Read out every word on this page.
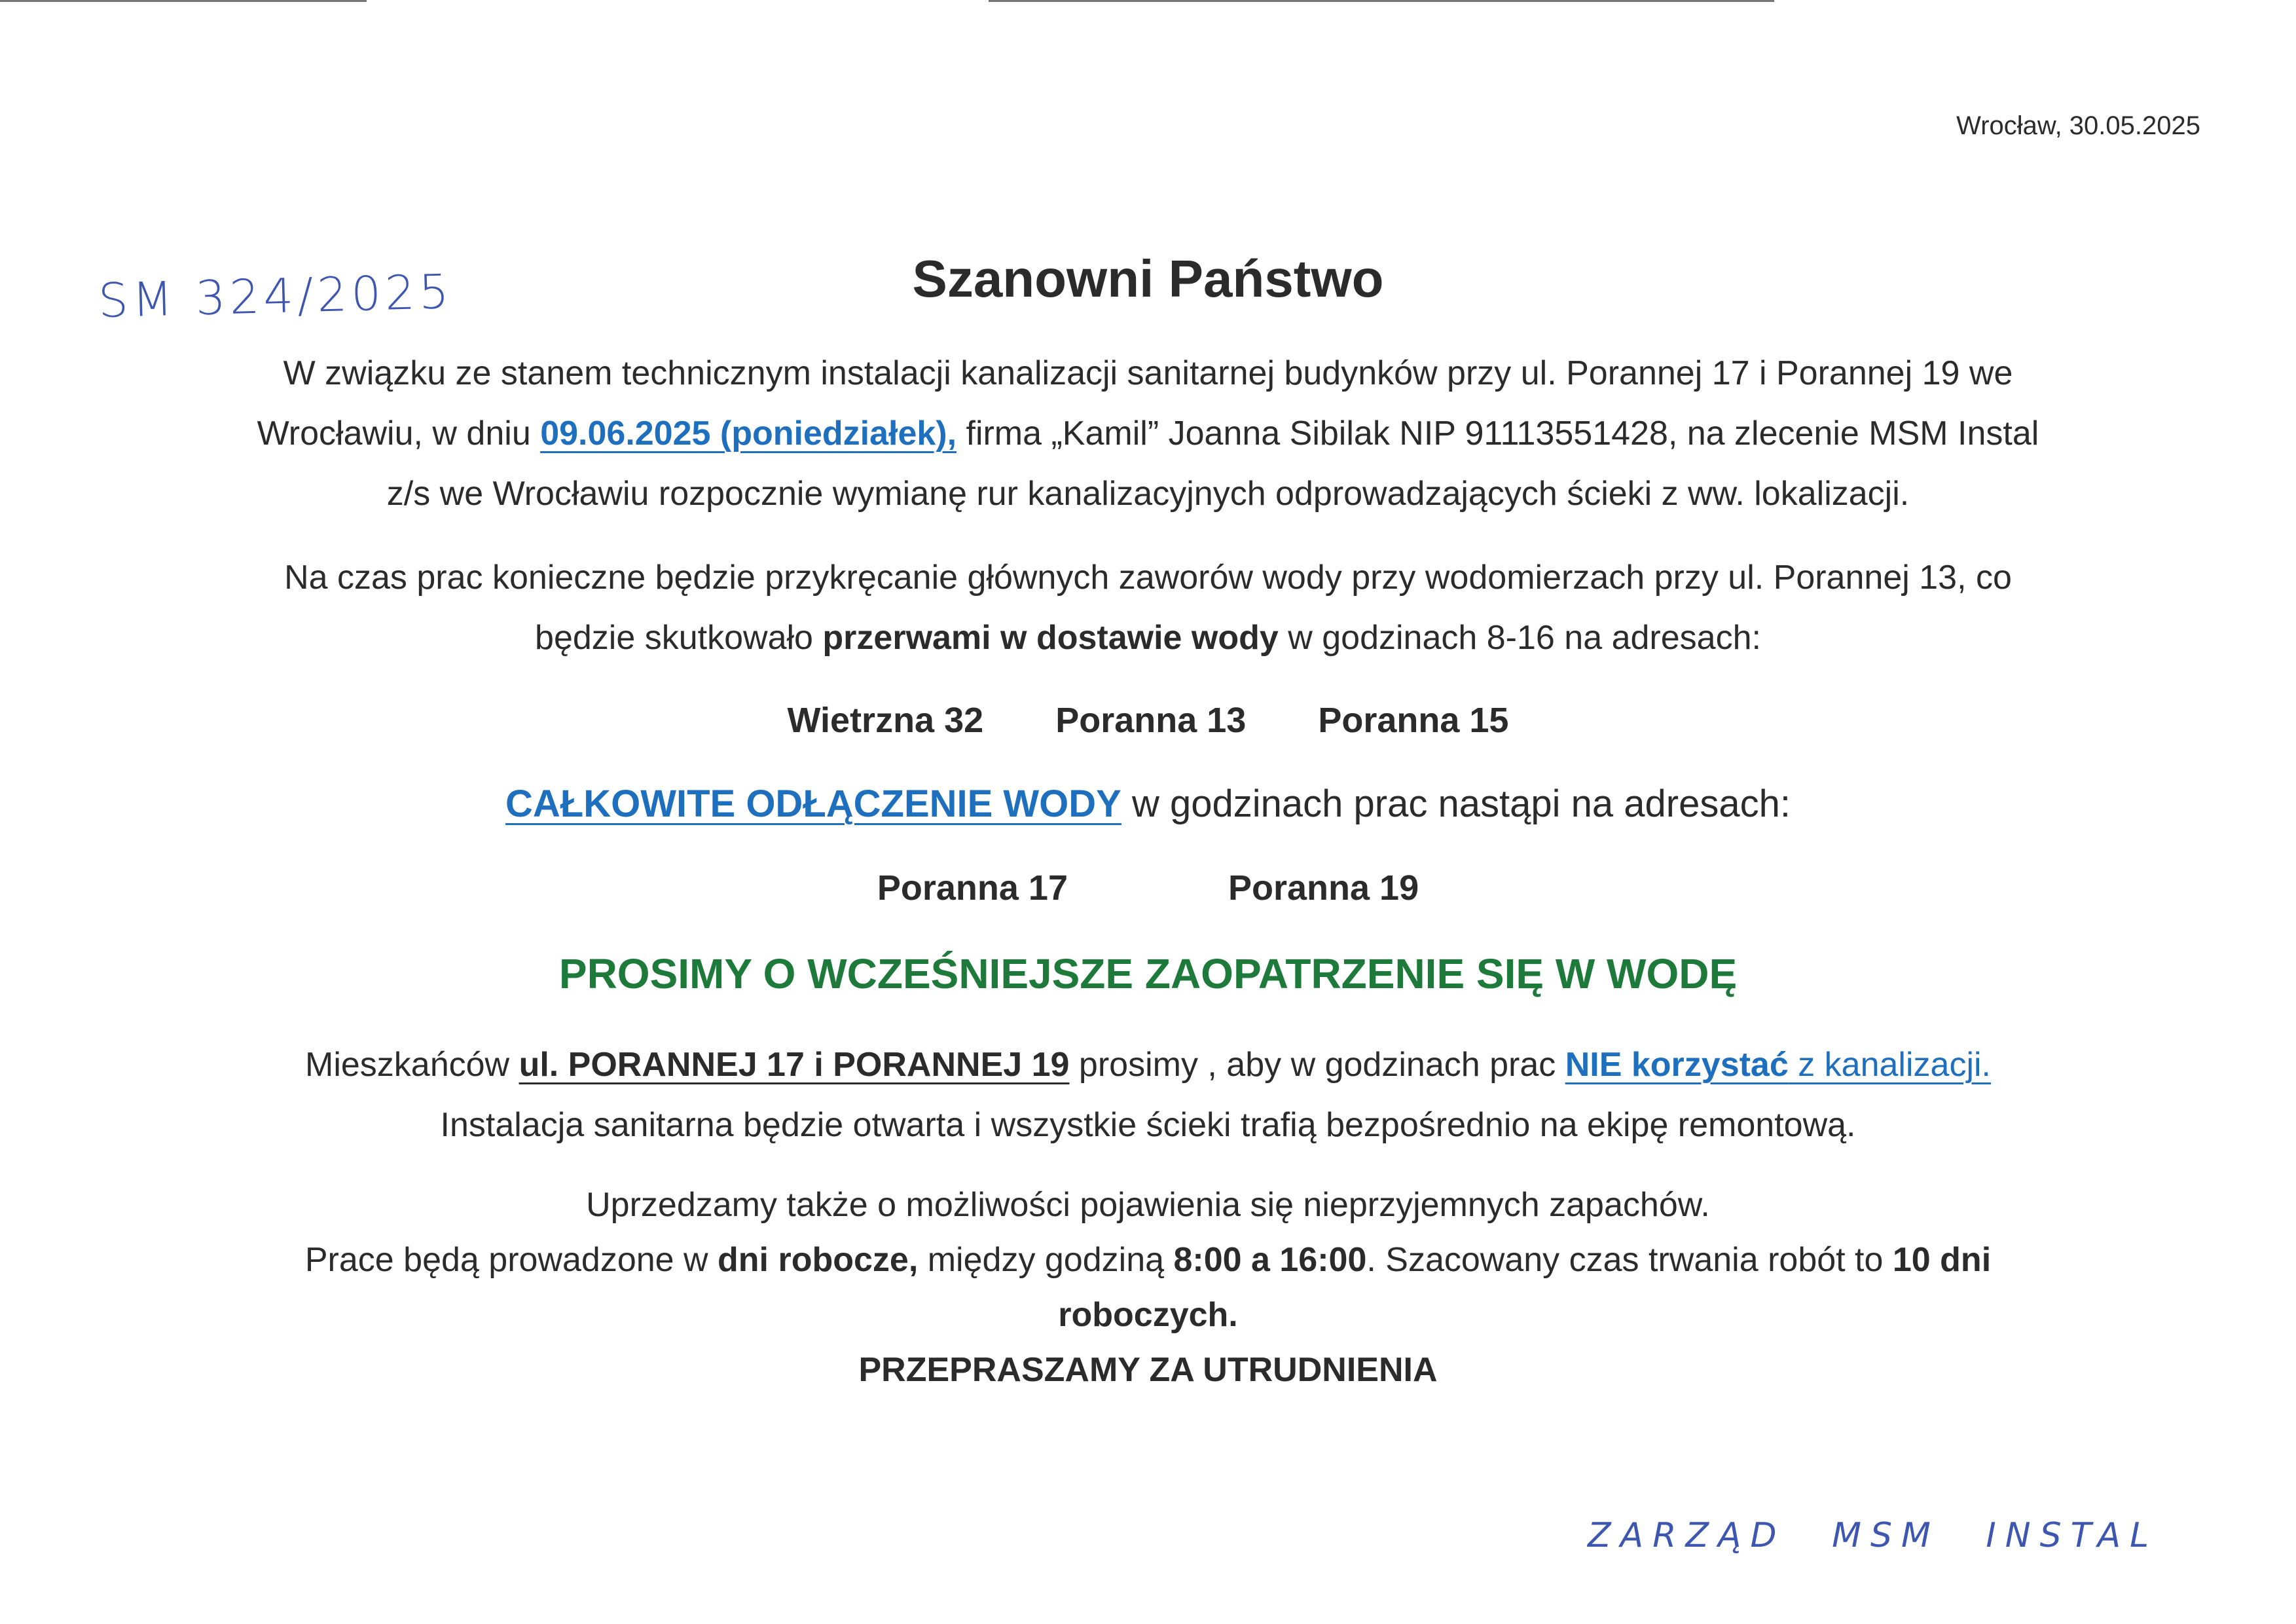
Wrocław, 30.05.2025
SM 324/2025	Szanowni Państwo
W związku ze stanem technicznym instalacji kanalizacji sanitarnej budynków przy ul. Porannej 17 i Porannej 19 we
Wrocławiu, w dniu 09.06.2025 (poniedziałek), firma „Kamil” Joanna Sibilak NIP 91113551428, na zlecenie MSM Instal
z/s we Wrocławiu rozpocznie wymianę rur kanalizacyjnych odprowadzających ścieki z ww. lokalizacji.
Na czas prac konieczne będzie przykręcanie głównych zaworów wody przy wodomierzach przy ul. Porannej 13, co
będzie skutkowało przerwami w dostawie wody w godzinach 8-16 na adresach:
Wietrzna 32 Poranna 13 Poranna 15
CAŁKOWITE ODŁĄCZENIE WODY w godzinach prac nastąpi na adresach:
Poranna 17	Poranna 19
PROSIMY O WCZEŚNIEJSZE ZAOPATRZENIE SIĘ W WODĘ
Mieszkańców ul. PORANNEJ 17 i PORANNEJ 19 prosimy , aby w godzinach prac NIE korzystać z kanalizacji.
Instalacja sanitarna będzie otwarta i wszystkie ścieki trafią bezpośrednio na ekipę remontową.
Uprzedzamy także o możliwości pojawienia się nieprzyjemnych zapachów.
Prace będą prowadzone w dni robocze, między godziną 8:00 a 16:00. Szacowany czas trwania robót to 10 dni
roboczych.
PRZEPRASZAMY ZA UTRUDNIENIA
ZARZĄD MSM INSTAL
